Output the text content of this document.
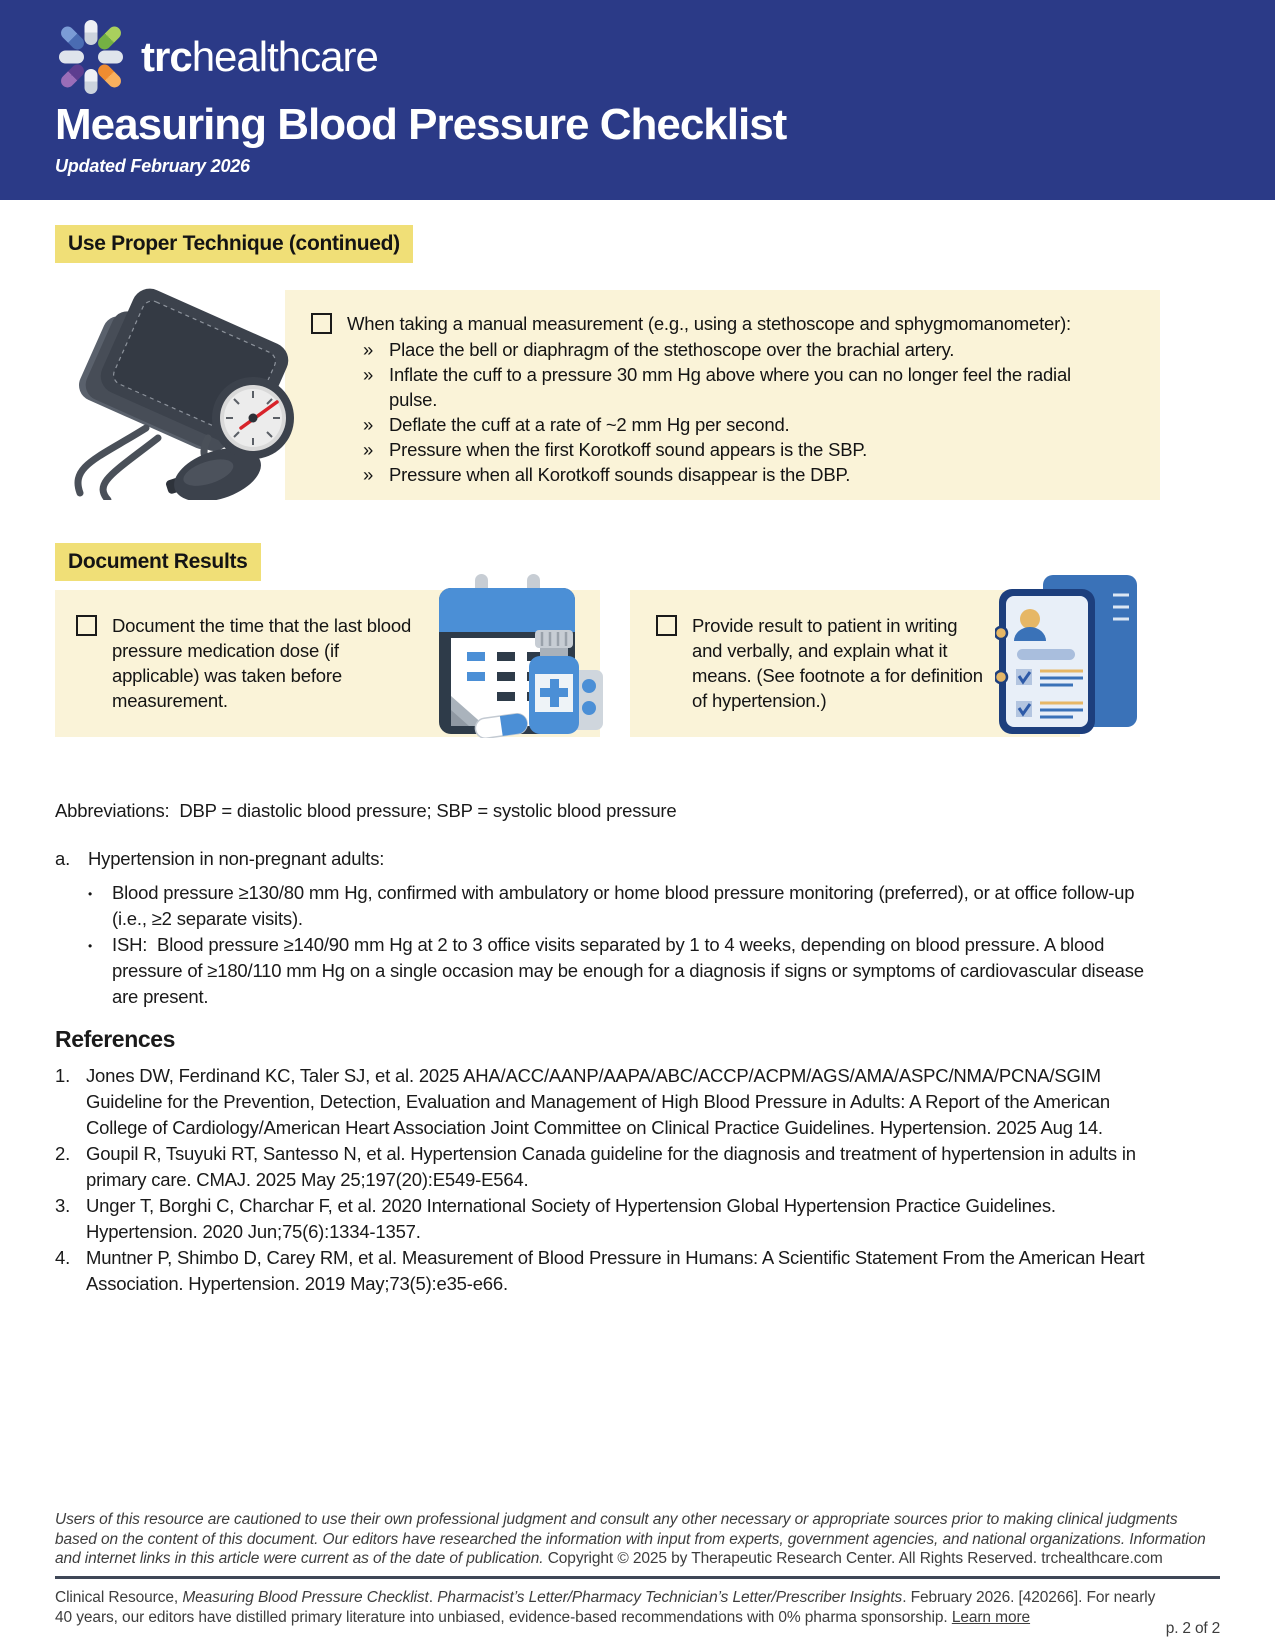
trchealthcare
Measuring Blood Pressure Checklist
Updated February 2026
Use Proper Technique (continued)
When taking a manual measurement (e.g., using a stethoscope and sphygmomanometer):
» Place the bell or diaphragm of the stethoscope over the brachial artery.
» Inflate the cuff to a pressure 30 mm Hg above where you can no longer feel the radial pulse.
» Deflate the cuff at a rate of ~2 mm Hg per second.
» Pressure when the first Korotkoff sound appears is the SBP.
» Pressure when all Korotkoff sounds disappear is the DBP.
Document Results
Document the time that the last blood pressure medication dose (if applicable) was taken before measurement.
Provide result to patient in writing and verbally, and explain what it means. (See footnote a for definition of hypertension.)
Abbreviations:  DBP = diastolic blood pressure; SBP = systolic blood pressure
a. Hypertension in non-pregnant adults:
•	Blood pressure ≥130/80 mm Hg, confirmed with ambulatory or home blood pressure monitoring (preferred), or at office follow-up (i.e., ≥2 separate visits).
•	ISH:  Blood pressure ≥140/90 mm Hg at 2 to 3 office visits separated by 1 to 4 weeks, depending on blood pressure. A blood pressure of ≥180/110 mm Hg on a single occasion may be enough for a diagnosis if signs or symptoms of cardiovascular disease are present.
References
1. Jones DW, Ferdinand KC, Taler SJ, et al. 2025 AHA/ACC/AANP/AAPA/ABC/ACCP/ACPM/AGS/AMA/ASPC/NMA/PCNA/SGIM Guideline for the Prevention, Detection, Evaluation and Management of High Blood Pressure in Adults: A Report of the American College of Cardiology/American Heart Association Joint Committee on Clinical Practice Guidelines. Hypertension. 2025 Aug 14.
2. Goupil R, Tsuyuki RT, Santesso N, et al. Hypertension Canada guideline for the diagnosis and treatment of hypertension in adults in primary care. CMAJ. 2025 May 25;197(20):E549-E564.
3. Unger T, Borghi C, Charchar F, et al. 2020 International Society of Hypertension Global Hypertension Practice Guidelines. Hypertension. 2020 Jun;75(6):1334-1357.
4. Muntner P, Shimbo D, Carey RM, et al. Measurement of Blood Pressure in Humans: A Scientific Statement From the American Heart Association. Hypertension. 2019 May;73(5):e35-e66.
Users of this resource are cautioned to use their own professional judgment and consult any other necessary or appropriate sources prior to making clinical judgments based on the content of this document. Our editors have researched the information with input from experts, government agencies, and national organizations. Information and internet links in this article were current as of the date of publication. Copyright © 2025 by Therapeutic Research Center. All Rights Reserved. trchealthcare.com
Clinical Resource, Measuring Blood Pressure Checklist. Pharmacist’s Letter/Pharmacy Technician’s Letter/Prescriber Insights. February 2026. [420266]. For nearly 40 years, our editors have distilled primary literature into unbiased, evidence-based recommendations with 0% pharma sponsorship. Learn more
p. 2 of 2
